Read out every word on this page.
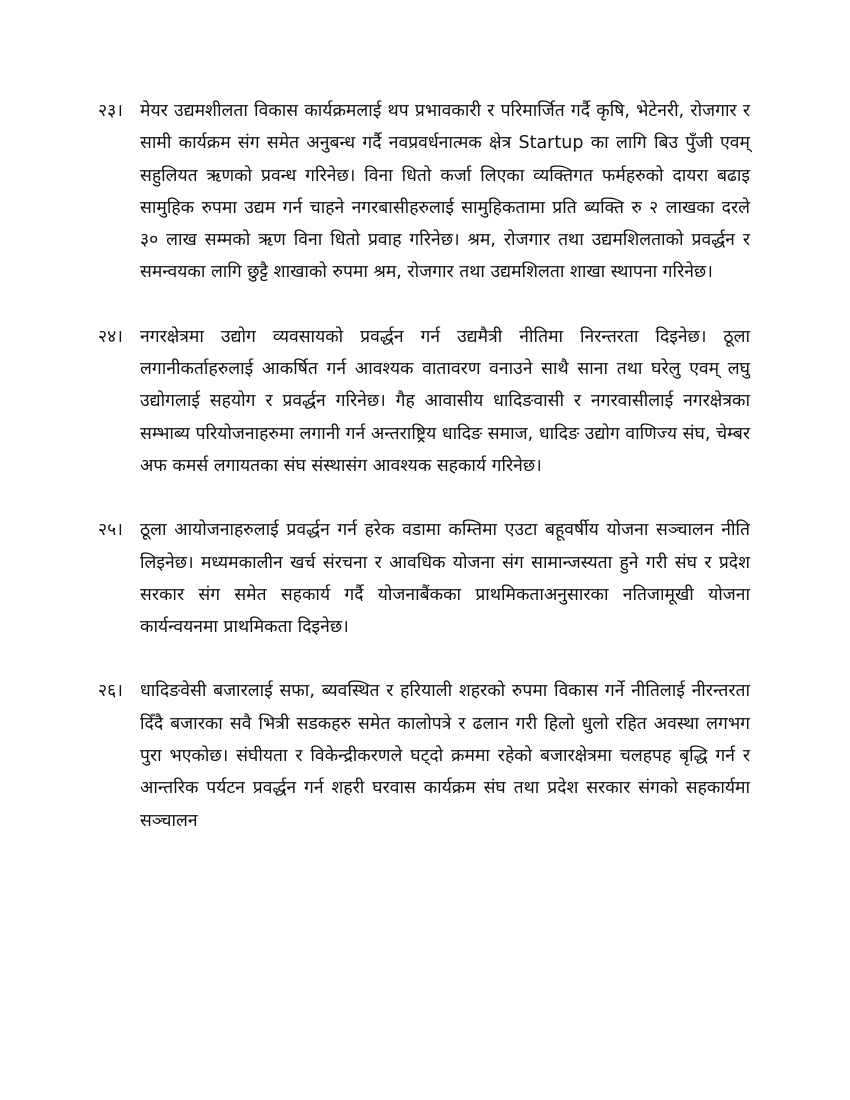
२३। मेयर उद्यमशीलता विकास कार्यक्रमलाई थप प्रभावकारी र परिमार्जित गर्दै कृषि, भेटेनरी, रोजगार र सामी कार्यक्रम संग समेत अनुबन्ध गर्दै नवप्रवर्धनात्मक क्षेत्र Startup का लागि बिउ पुँजी एवम् सहुलियत ऋणको प्रवन्ध गरिनेछ। विना धितो कर्जा लिएका व्यक्तिगत फर्महरुको दायरा बढाइ सामुहिक रुपमा उद्यम गर्न चाहने नगरबासीहरुलाई सामुहिकतामा प्रति ब्यक्ति रु २ लाखका दरले ३० लाख सम्मको ऋण विना धितो प्रवाह गरिनेछ। श्रम, रोजगार तथा उद्यमशिलताको प्रवर्द्धन र समन्वयका लागि छुट्टै शाखाको रुपमा श्रम, रोजगार तथा उद्यमशिलता शाखा स्थापना गरिनेछ।
२४। नगरक्षेत्रमा उद्योग व्यवसायको प्रवर्द्धन गर्न उद्यमैत्री नीतिमा निरन्तरता दिइनेछ। ठूला लगानीकर्ताहरुलाई आकर्षित गर्न आवश्यक वातावरण वनाउने साथै साना तथा घरेलु एवम् लघु उद्योगलाई सहयोग र प्रवर्द्धन गरिनेछ। गैह आवासीय धादिङवासी र नगरवासीलाई नगरक्षेत्रका सम्भाब्य परियोजनाहरुमा लगानी गर्न अन्तराष्ट्रिय धादिङ समाज, धादिङ उद्योग वाणिज्य संघ, चेम्बर अफ कमर्स लगायतका संघ संस्थासंग आवश्यक सहकार्य गरिनेछ।
२५। ठूला आयोजनाहरुलाई प्रवर्द्धन गर्न हरेक वडामा कम्तिमा एउटा बहूवर्षीय योजना सञ्चालन नीति लिइनेछ। मध्यमकालीन खर्च संरचना र आवधिक योजना संग सामान्जस्यता हुने गरी संघ र प्रदेश सरकार संग समेत सहकार्य गर्दै योजनाबैंकका प्राथमिकताअनुसारका नतिजामूखी योजना कार्यन्वयनमा प्राथमिकता दिइनेछ।
२६। धादिङवेसी बजारलाई सफा, ब्यवस्थित र हरियाली शहरको रुपमा विकास गर्ने नीतिलाई नीरन्तरता दिँदै बजारका सवै भित्री सडकहरु समेत कालोपत्रे र ढलान गरी हिलो धुलो रहित अवस्था लगभग पुरा भएकोछ। संघीयता र विकेन्द्रीकरणले घट्दो क्रममा रहेको बजारक्षेत्रमा चलहपह बृद्धि गर्न र आन्तरिक पर्यटन प्रवर्द्धन गर्न शहरी घरवास कार्यक्रम संघ तथा प्रदेश सरकार संगको सहकार्यमा सञ्चालन
